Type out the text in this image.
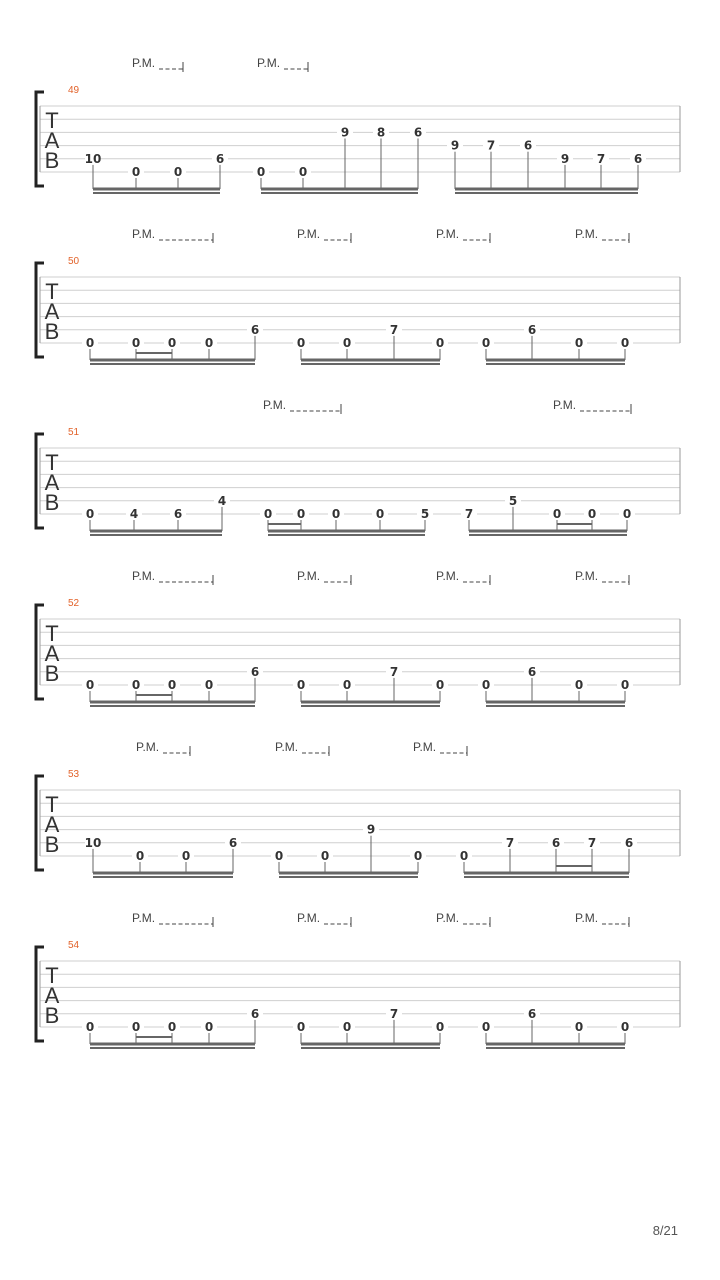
T
A
B
49
P.M.	P.M.
10
0	0
6
0	0
9 8 6
9 7 6
9 7 6
T
A
B
50
P.M.	P.M.	P.M.	P.M.
0	0 0 0
6
0	0
7
0	0
6
0	0
T
A
B
51
P.M.	P.M.
0	4	6
4
0 0 0	0	5	7
5
0 0 0
T
A
B
52
P.M.	P.M.	P.M.	P.M.
0	0 0 0
6
0	0
7
0	0
6
0	0
T
A
B
53
P.M.	P.M.	P.M.
10
0	0
6
0	0
9
0	0
7	6 7 6
T
A
B
54
P.M.	P.M.	P.M.	P.M.
0	0 0 0
6
0	0
7
0	0
6
0	0
8/21
